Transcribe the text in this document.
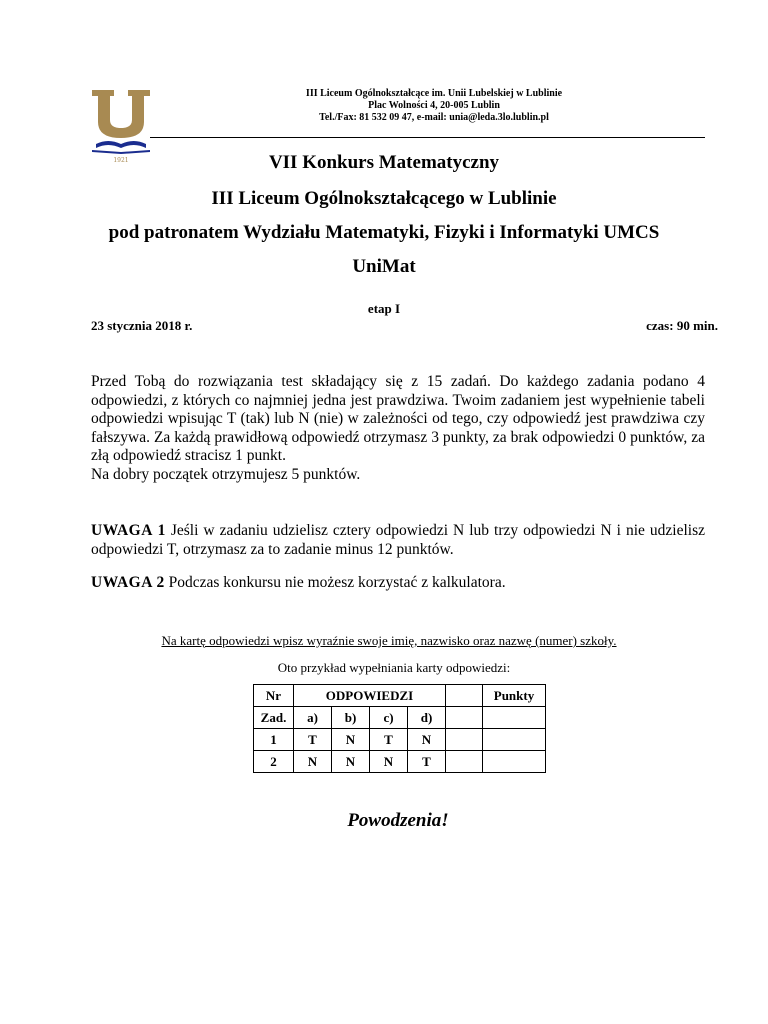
1921
III Liceum Ogólnokształcące im. Unii Lubelskiej w Lublinie
Plac Wolności 4, 20-005 Lublin
Tel./Fax: 81 532 09 47, e-mail: unia@leda.3lo.lublin.pl
VII Konkurs Matematyczny
III Liceum Ogólnokształcącego w Lublinie
pod patronatem Wydziału Matematyki, Fizyki i Informatyki UMCS
UniMat
etap I
23 stycznia 2018 r.	czas: 90 min.

Przed Tobą do rozwiązania test składający się z 15 zadań. Do każdego zadania podano 4 odpowiedzi, z których co najmniej jedna jest prawdziwa. Twoim zadaniem jest wypełnienie tabeli odpowiedzi wpisując T (tak) lub N (nie) w zależności od tego, czy odpowiedź jest prawdziwa czy fałszywa. Za każdą prawidłową odpowiedź otrzymasz 3 punkty, za brak odpowiedzi 0 punktów, za złą odpowiedź stracisz 1 punkt.

Na dobry początek otrzymujesz 5 punktów.

UWAGA 1 Jeśli w zadaniu udzielisz cztery odpowiedzi N lub trzy odpowiedzi N i nie udzielisz odpowiedzi T, otrzymasz za to zadanie minus 12 punktów.
UWAGA 2 Podczas konkursu nie możesz korzystać z kalkulatora.
Na kartę odpowiedzi wpisz wyraźnie swoje imię, nazwisko oraz nazwę (numer) szkoły.
Oto przykład wypełniania karty odpowiedzi:
Nr	ODPOWIEDZI					Punkty
Zad.	a)	b)	c)	d)		
1	T	N	T	N		
2	N	N	N	T		
Powodzenia!
